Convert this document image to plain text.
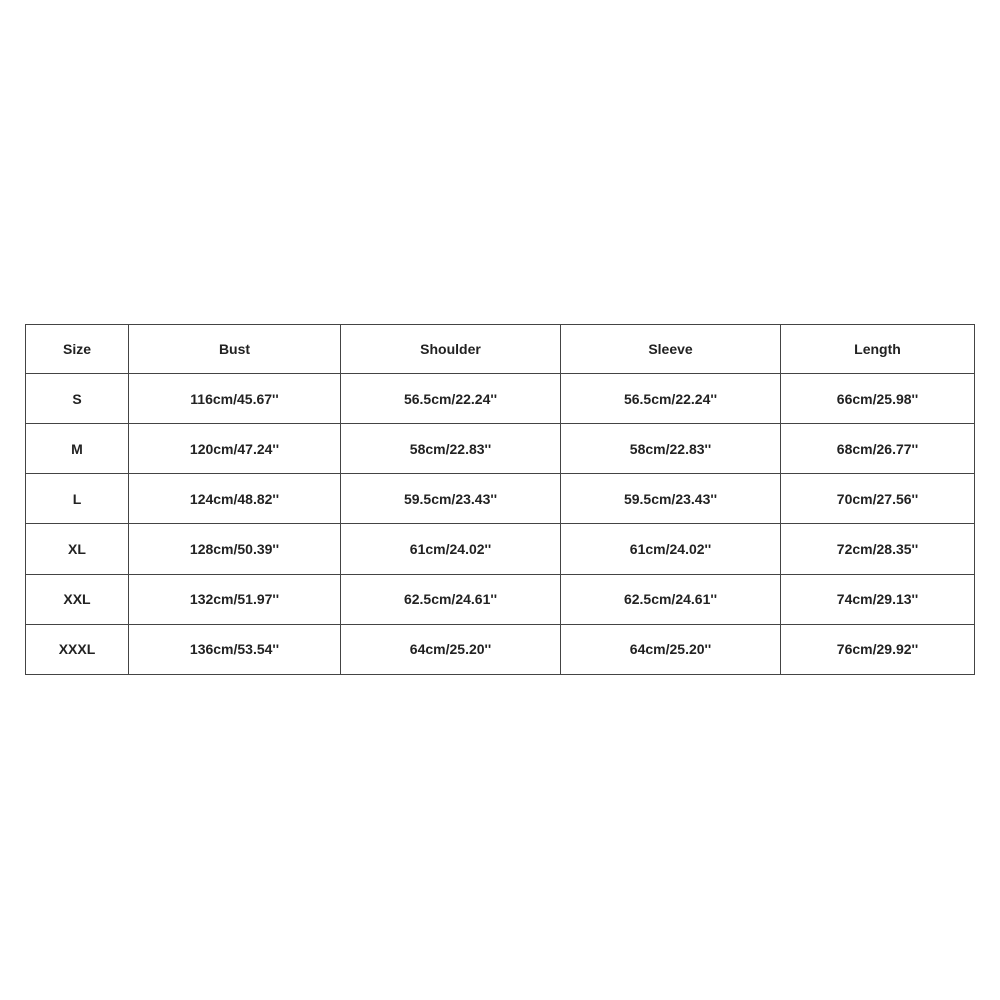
Size	Bust	Shoulder	Sleeve	Length
S	116cm/45.67''	56.5cm/22.24''	56.5cm/22.24''	66cm/25.98''
M	120cm/47.24''	58cm/22.83''	58cm/22.83''	68cm/26.77''
L	124cm/48.82''	59.5cm/23.43''	59.5cm/23.43''	70cm/27.56''
XL	128cm/50.39''	61cm/24.02''	61cm/24.02''	72cm/28.35''
XXL	132cm/51.97''	62.5cm/24.61''	62.5cm/24.61''	74cm/29.13''
XXXL	136cm/53.54''	64cm/25.20''	64cm/25.20''	76cm/29.92''
